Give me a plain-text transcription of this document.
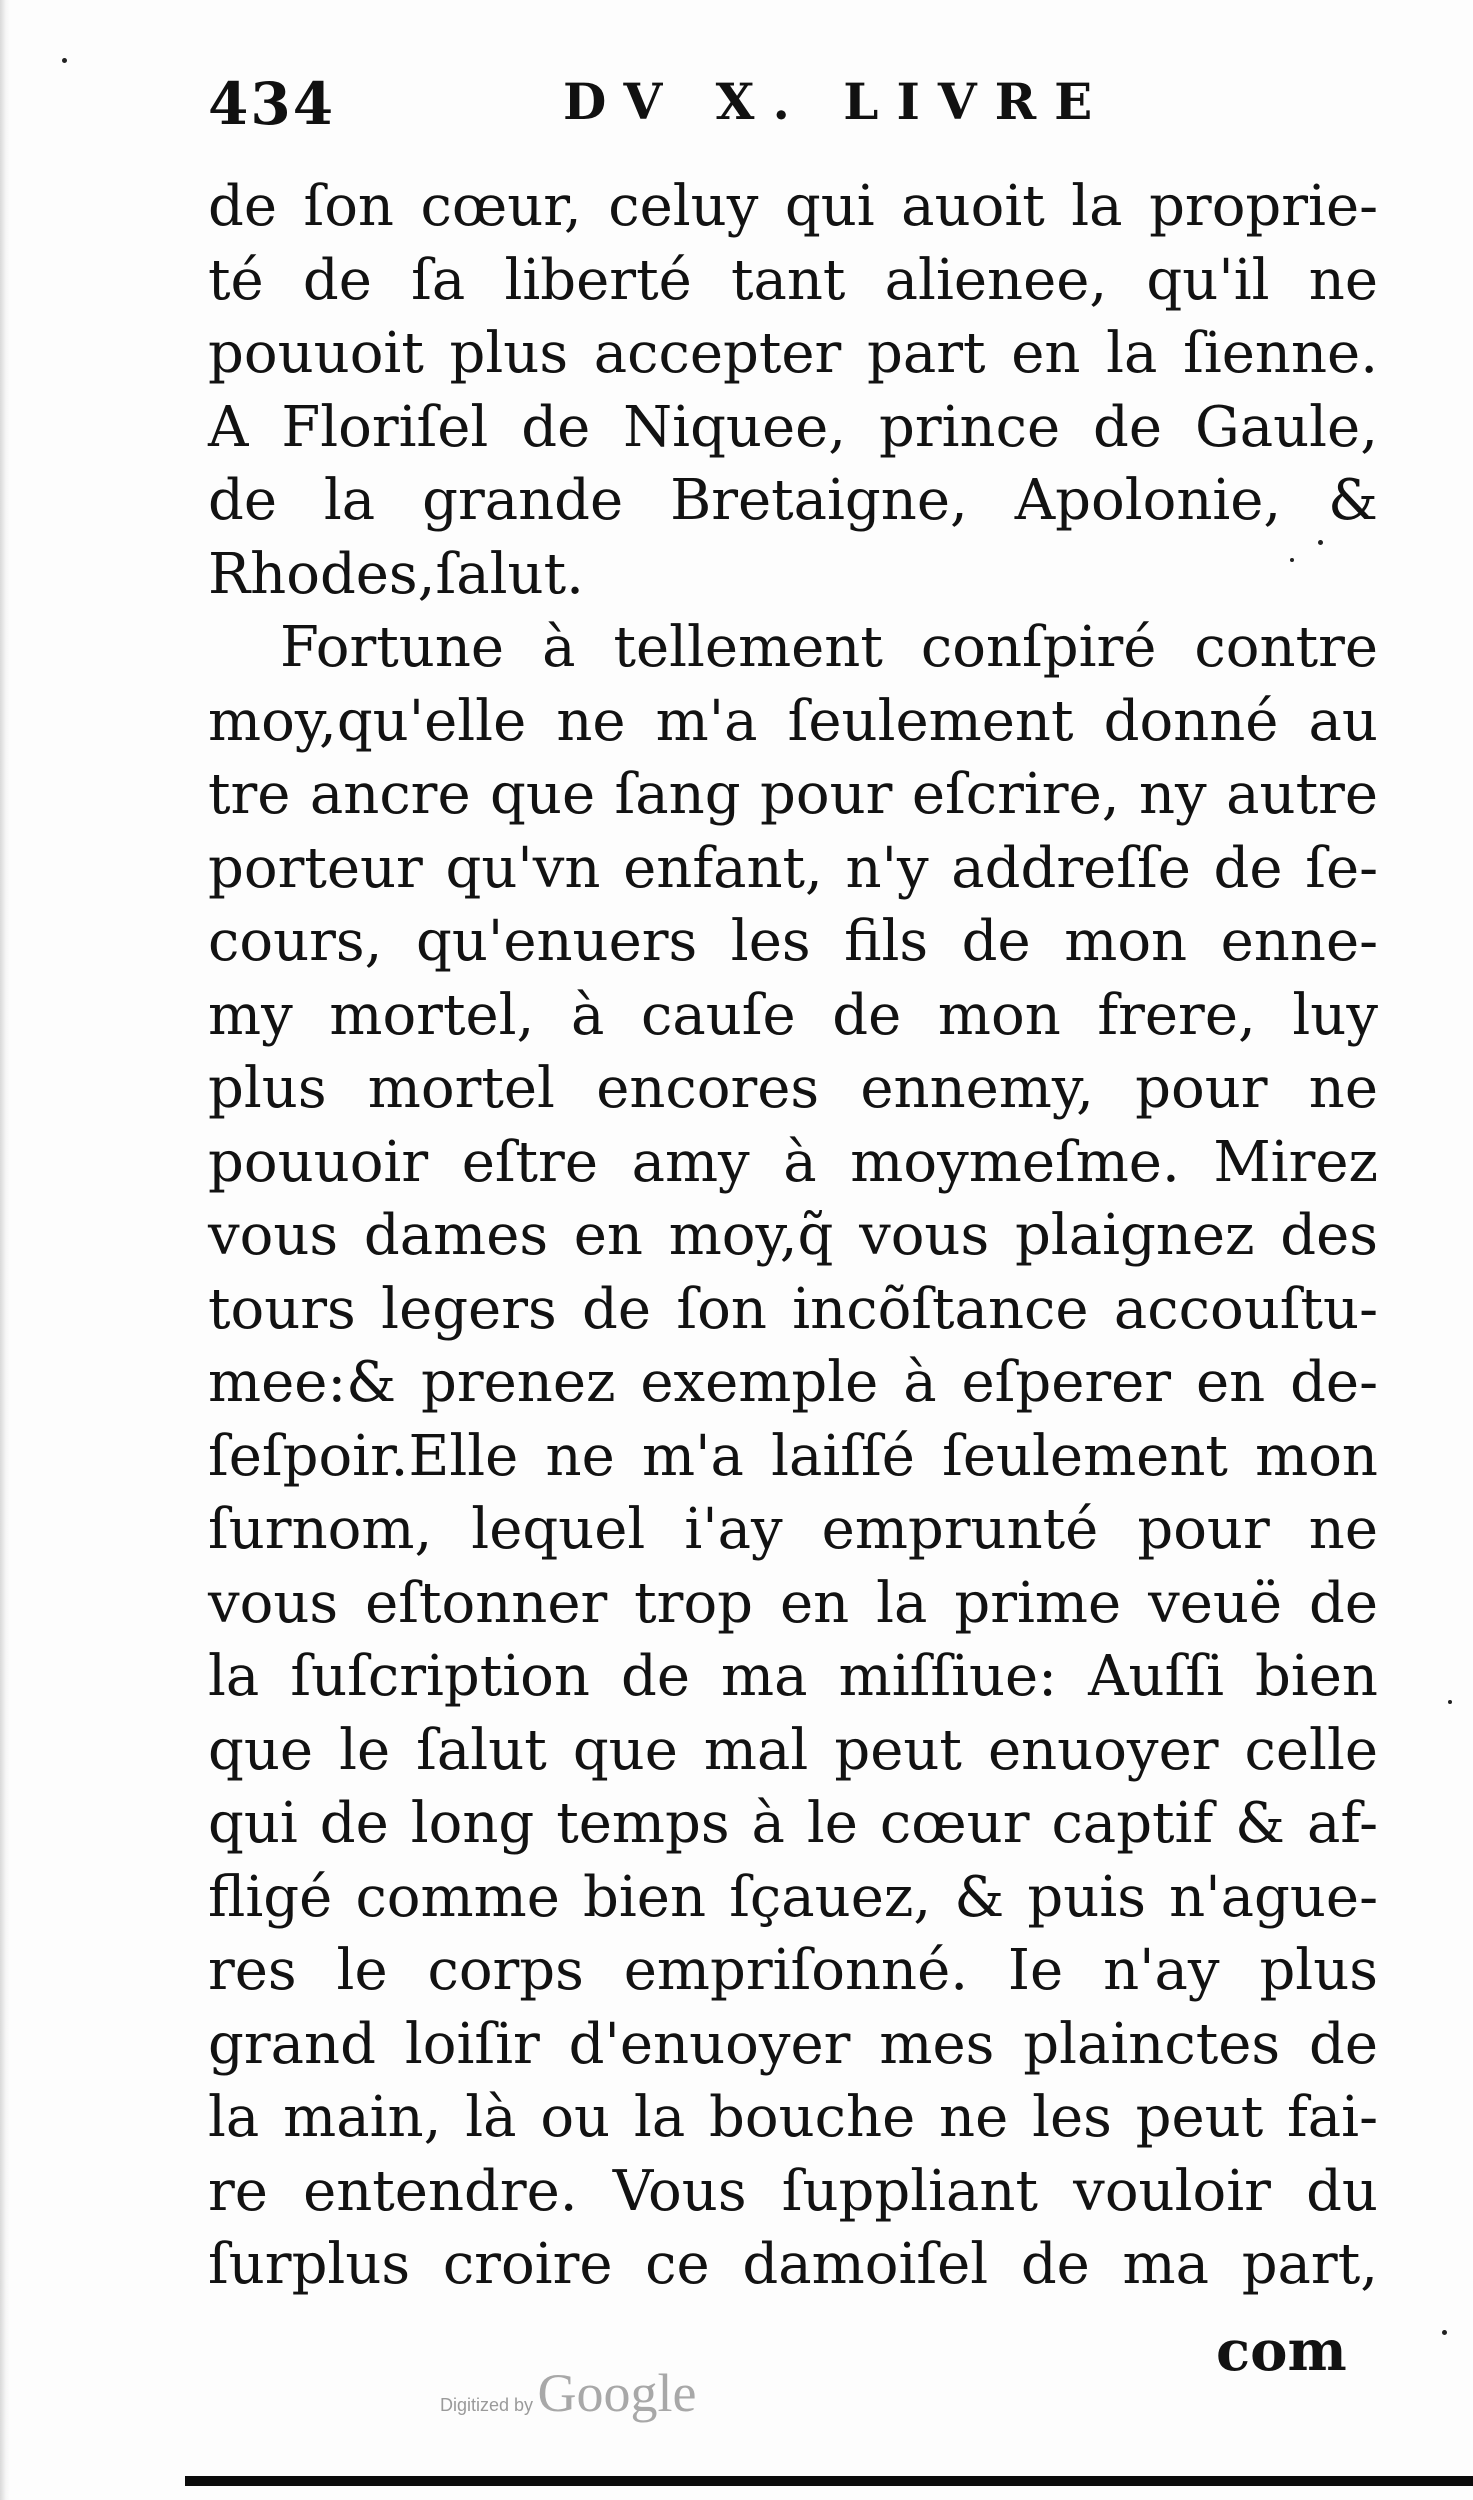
434	DV X. LIVRE
de ſon cœur, celuy qui auoit la proprie-
té de ſa liberté tant alienee, qu'il ne
pouuoit plus accepter part en la ſienne.
A Floriſel de Niquee, prince de Gaule,
de la grande Bretaigne, Apolonie, &
Rhodes,ſalut.
Fortune à tellement conſpiré contre
moy,qu'elle ne m'a ſeulement donné au
tre ancre que ſang pour eſcrire, ny autre
porteur qu'vn enfant, n'y addreſſe de ſe-
cours, qu'enuers les fils de mon enne-
my mortel, à cauſe de mon frere, luy
plus mortel encores ennemy, pour ne
pouuoir eſtre amy à moymeſme. Mirez
vous dames en moy,q̃ vous plaignez des
tours legers de ſon incõſtance accouſtu-
mee:& prenez exemple à eſperer en de-
ſeſpoir.Elle ne m'a laiſſé ſeulement mon
ſurnom, lequel i'ay emprunté pour ne
vous eſtonner trop en la prime veuë de
la ſuſcription de ma miſſiue: Auſſi bien
que le ſalut que mal peut enuoyer celle
qui de long temps à le cœur captif & af-
fligé comme bien ſçauez, & puis n'ague-
res le corps empriſonné. Ie n'ay plus
grand loiſir d'enuoyer mes plainctes de
la main, là ou la bouche ne les peut fai-
re entendre. Vous ſuppliant vouloir du
ſurplus croire ce damoiſel de ma part,
com
Digitized by Google
